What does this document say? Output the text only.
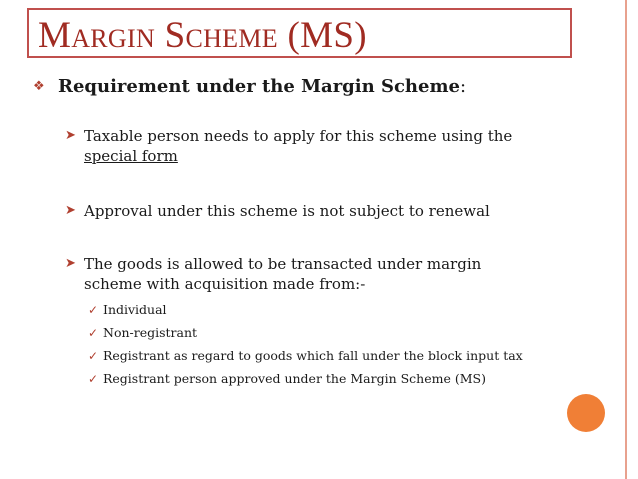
Margin Scheme (MS)
❖ Requirement under the Margin Scheme:
➤ Taxable person needs to apply for this scheme using the
special form
➤ Approval under this scheme is not subject to renewal
➤ The goods is allowed to be transacted under margin
scheme with acquisition made from:-
✓ Individual
✓ Non-registrant
✓ Registrant as regard to goods which fall under the block input tax
✓ Registrant person approved under the Margin Scheme (MS)
